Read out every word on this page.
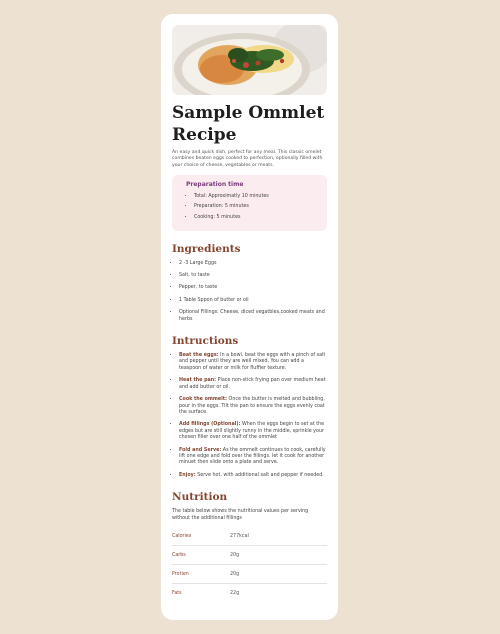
Sample Ommlet
Recipe

An easy and quick dish, perfect for any meal. This classic omelet combines beaten eggs cooked to perfection, optionally filled with your choice of cheese, vegetables or meats.

Preparation time
• Total: Approximatly 10 minutes
• Preparation: 5 minutes
• Cooking: 5 minutes
Ingredients
• 2 -3 Large Eggs
• Salt, to taste
• Pepper, to taste
• 1 Table Sppon of butter or oil
• Optional Fillings: Cheese, diced vegatbles,cooked meats and herbs
Intructions
• Beat the eggs: In a bowl, beat the eggs with a pinch of salt and pepper until they are well mixed. You can add a teaspoon of water or milk for fluffier texture.
• Heat the pan: Place non-stick frying pan over medium heat and add butter or oil.
• Cook the ommelt: Once the butter is melted and bubbling, pour in the eggs. Tilt the pan to ensure the eggs evenly coat the surface.
• Add fillings (Optional): When the eggs begin to set at the edges but are still slightly runny in the middle, sprinkle your chosen filler over one half of the ommlet
• Fold and Serve: As the ommelt continues to cook, carefully lift one edge and fold over the fillings. let it cook for another minuet then slide onto a plate and serve.
• Enjoy: Serve hot, with additional salt and pepper if needed.
Nutrition

The table below shows the nutritional values per serving without the additional fillings

Calories	277kcal
Carbs	20g
Protien	20g
Fats	22g
